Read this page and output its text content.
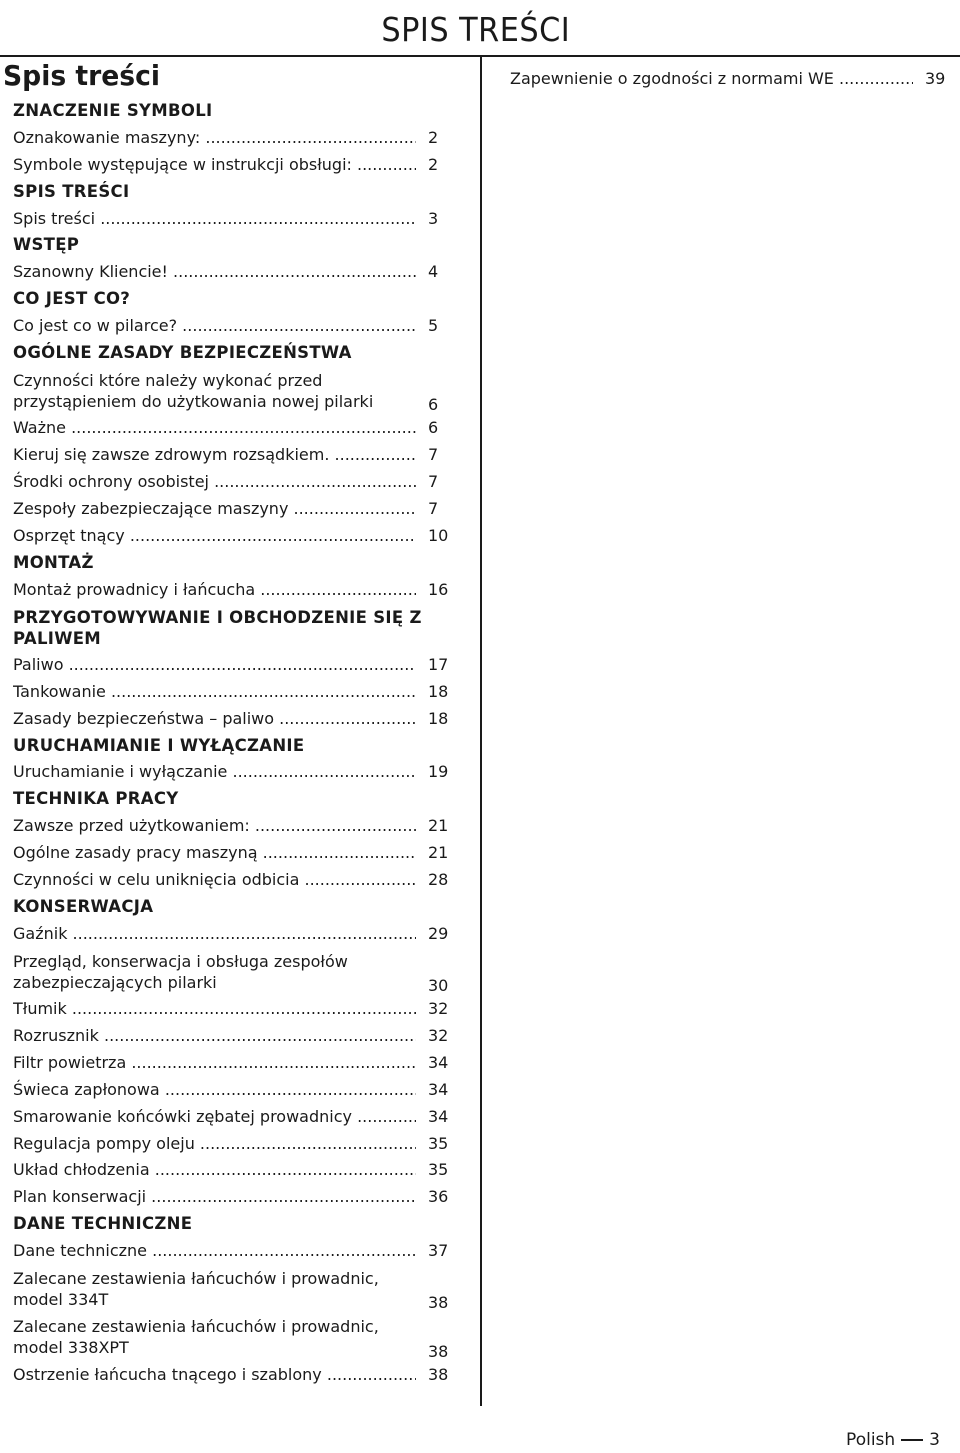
SPIS TREŚCI
Spis treści
ZNACZENIE SYMBOLI
Oznakowanie maszyny: .....	2
Symbole występujące w instrukcji obsługi: .....	2
SPIS TREŚCI
Spis treści .....	3
WSTĘP
Szanowny Kliencie! .....	4
CO JEST CO?
Co jest co w pilarce? .....	5
OGÓLNE ZASADY BEZPIECZEŃSTWA
Czynności które należy wykonać przed przystąpieniem do użytkowania nowej pilarki .....	6
Ważne .....	6
Kieruj się zawsze zdrowym rozsądkiem. .....	7
Środki ochrony osobistej .....	7
Zespoły zabezpieczające maszyny .....	7
Osprzęt tnący .....	10
MONTAŻ
Montaż prowadnicy i łańcucha .....	16
PRZYGOTOWYWANIE I OBCHODZENIE SIĘ Z PALIWEM
Paliwo .....	17
Tankowanie .....	18
Zasady bezpieczeństwa – paliwo .....	18
URUCHAMIANIE I WYŁĄCZANIE
Uruchamianie i wyłączanie .....	19
TECHNIKA PRACY
Zawsze przed użytkowaniem: .....	21
Ogólne zasady pracy maszyną .....	21
Czynności w celu uniknięcia odbicia .....	28
KONSERWACJA
Gaźnik .....	29
Przegląd, konserwacja i obsługa zespołów zabezpieczających pilarki .....	30
Tłumik .....	32
Rozrusznik .....	32
Filtr powietrza .....	34
Świeca zapłonowa .....	34
Smarowanie końcówki zębatej prowadnicy .....	34
Regulacja pompy oleju .....	35
Układ chłodzenia .....	35
Plan konserwacji .....	36
DANE TECHNICZNE
Dane techniczne .....	37
Zalecane zestawienia łańcuchów i prowadnic, model 334T .....	38
Zalecane zestawienia łańcuchów i prowadnic, model 338XPT .....	38
Ostrzenie łańcucha tnącego i szablony .....	38
Zapewnienie o zgodności z normami WE .....	39
Polish 3
